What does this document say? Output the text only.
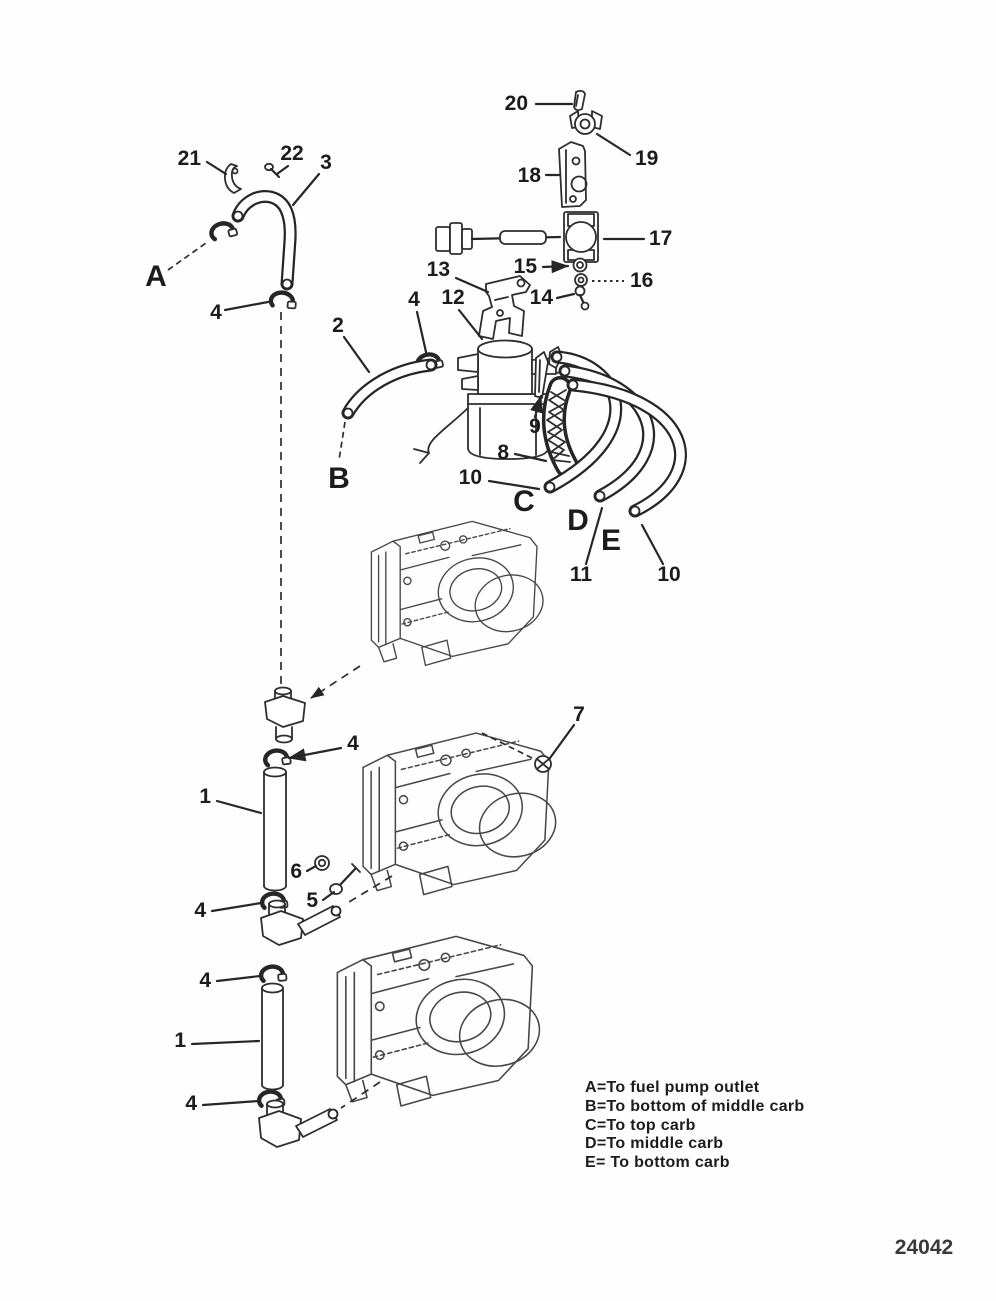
20
19
18
17
15
16
14
13
21	22 3
A
4
2
B
4 12
9
8
10
C
D
E
11	10
7
4
1
6
5
4
4
1
4
A=To fuel pump outlet
B=To bottom of middle carb
C=To top carb
D=To middle carb
E= To bottom carb
24042
